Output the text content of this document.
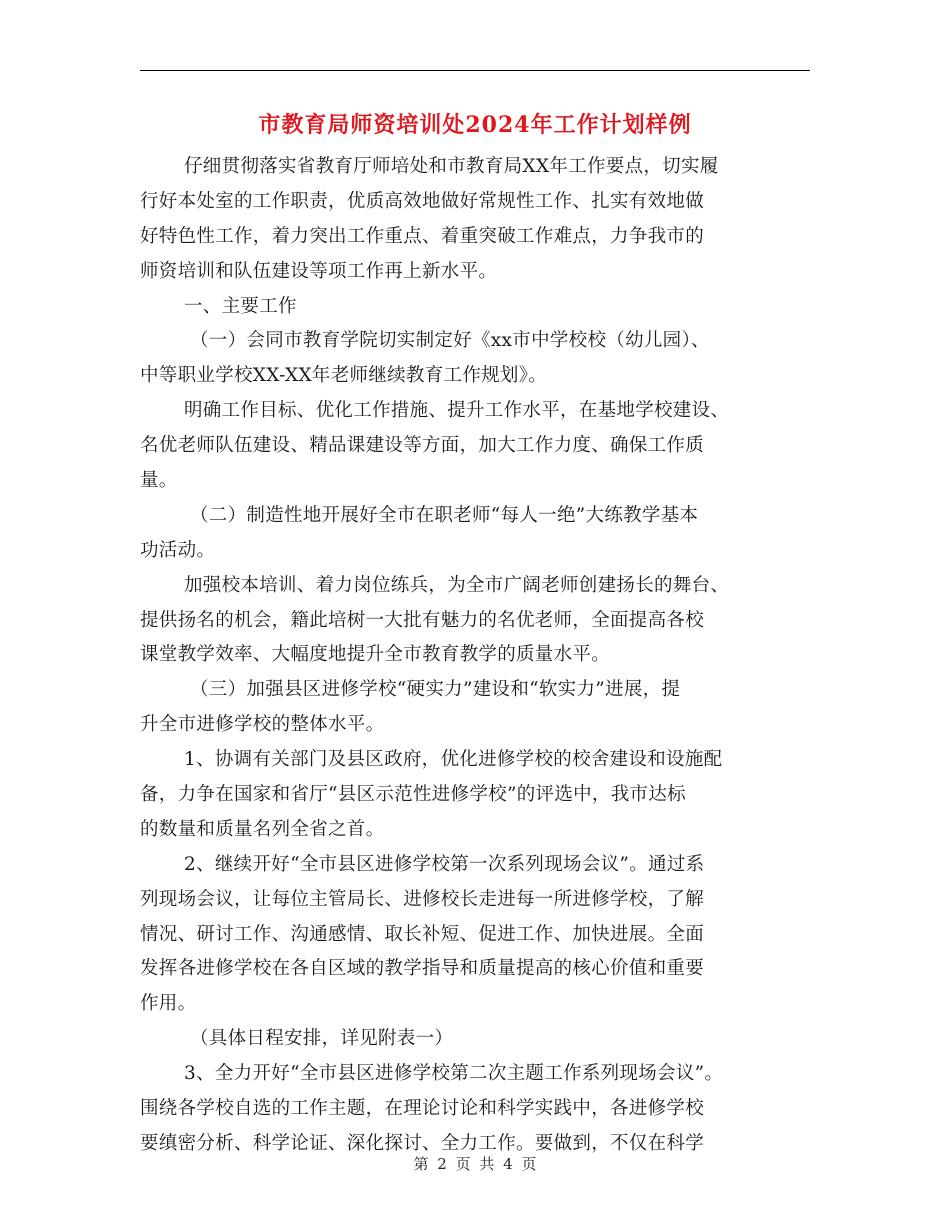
市教育局师资培训处2024年工作计划样例
仔细贯彻落实省教育厅师培处和市教育局XX年工作要点，切实履
行好本处室的工作职责，优质高效地做好常规性工作、扎实有效地做
好特色性工作，着力突出工作重点、着重突破工作难点，力争我市的
师资培训和队伍建设等项工作再上新水平。
一、主要工作
（一）会同市教育学院切实制定好《xx市中学校校（幼儿园）、
中等职业学校XX-XX年老师继续教育工作规划》。
明确工作目标、优化工作措施、提升工作水平，在基地学校建设、
名优老师队伍建设、精品课建设等方面，加大工作力度、确保工作质
量。
（二）制造性地开展好全市在职老师“每人一绝”大练教学基本
功活动。
加强校本培训、着力岗位练兵，为全市广阔老师创建扬长的舞台、
提供扬名的机会，籍此培树一大批有魅力的名优老师，全面提高各校
课堂教学效率、大幅度地提升全市教育教学的质量水平。
（三）加强县区进修学校“硬实力”建设和“软实力”进展，提
升全市进修学校的整体水平。
1、协调有关部门及县区政府，优化进修学校的校舍建设和设施配
备，力争在国家和省厅“县区示范性进修学校”的评选中，我市达标
的数量和质量名列全省之首。
2、继续开好“全市县区进修学校第一次系列现场会议”。通过系
列现场会议，让每位主管局长、进修校长走进每一所进修学校，了解
情况、研讨工作、沟通感情、取长补短、促进工作、加快进展。全面
发挥各进修学校在各自区域的教学指导和质量提高的核心价值和重要
作用。
（具体日程安排，详见附表一）
3、全力开好“全市县区进修学校第二次主题工作系列现场会议”。
围绕各学校自选的工作主题，在理论讨论和科学实践中，各进修学校
要缜密分析、科学论证、深化探讨、全力工作。要做到，不仅在科学
第 2 页 共 4 页
